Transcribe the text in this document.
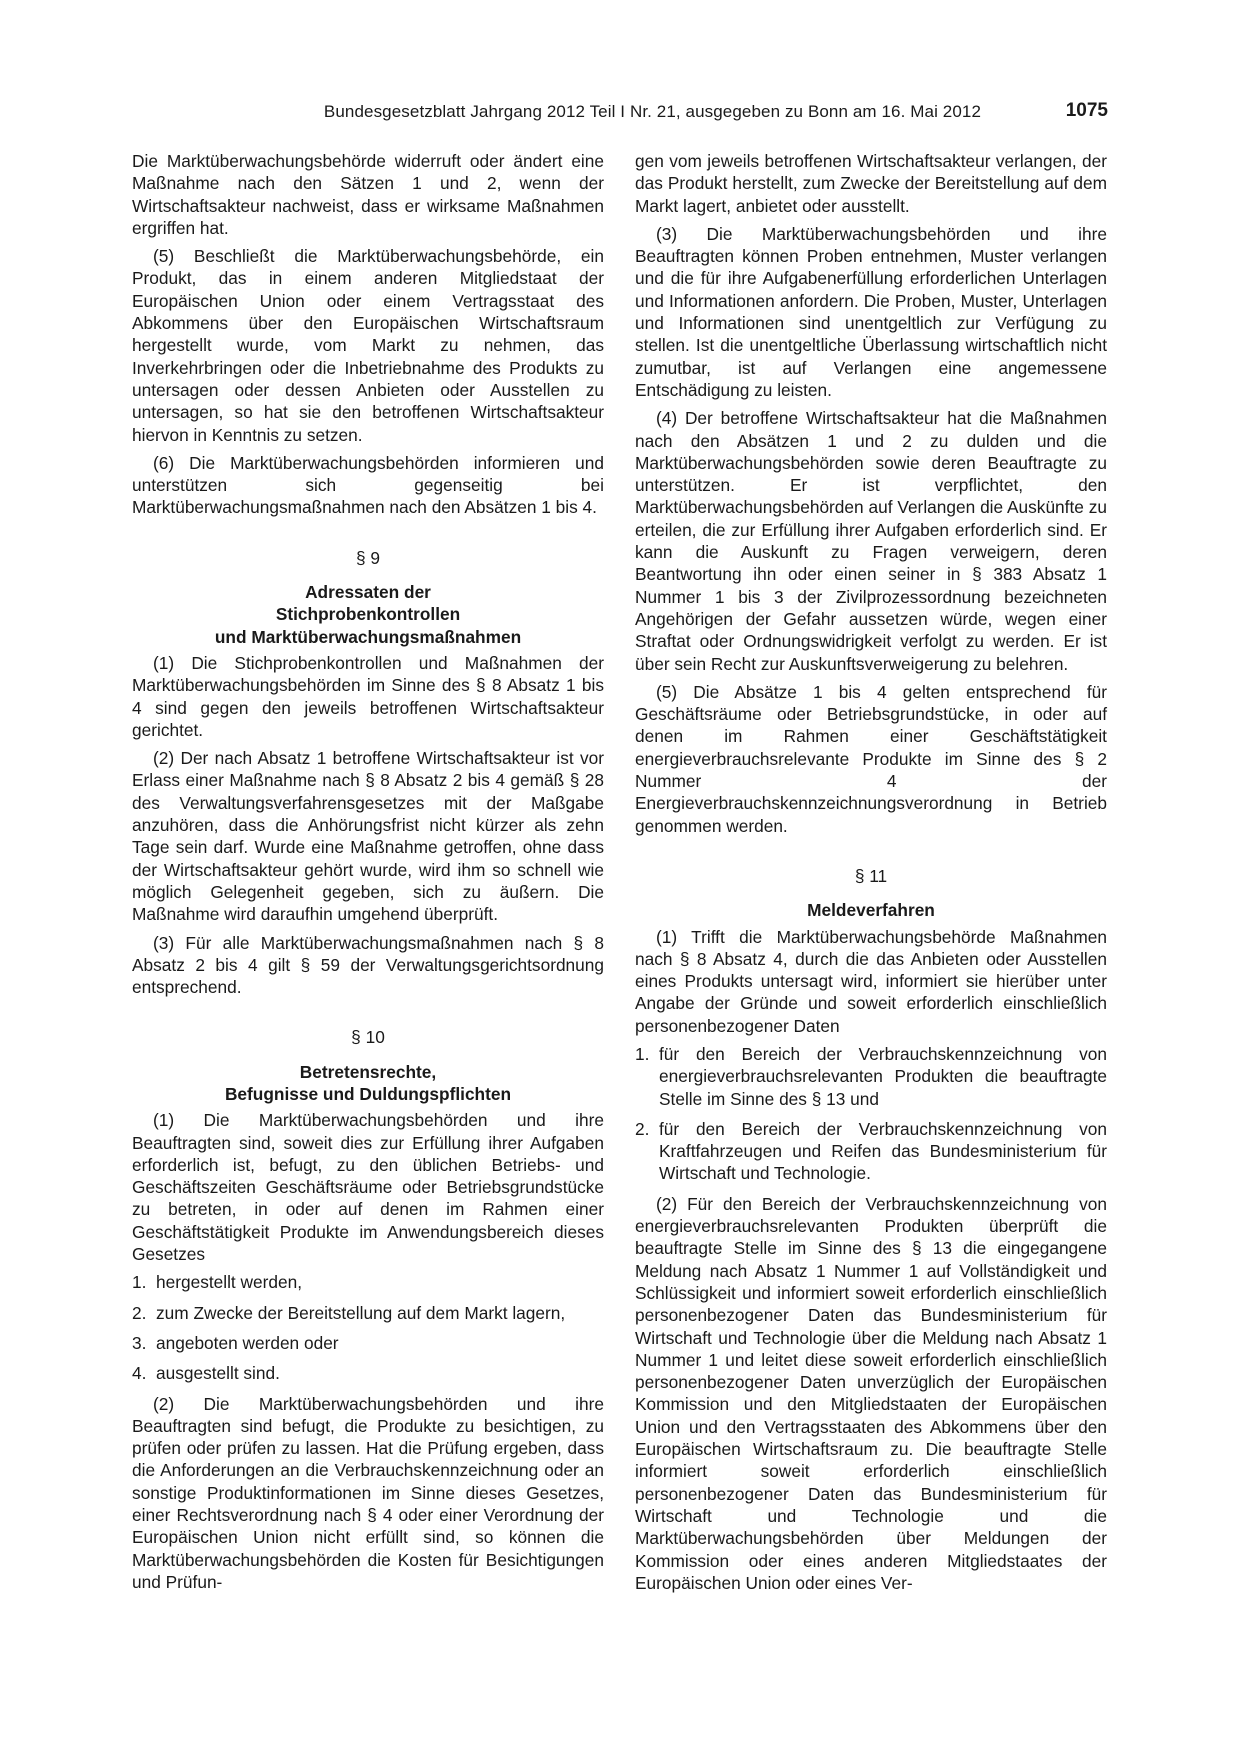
Bundesgesetzblatt Jahrgang 2012 Teil I Nr. 21, ausgegeben zu Bonn am 16. Mai 2012	1075

Die Marktüberwachungsbehörde widerruft oder ändert eine Maßnahme nach den Sätzen 1 und 2, wenn der Wirtschaftsakteur nachweist, dass er wirksame Maßnahmen ergriffen hat.

(5) Beschließt die Marktüberwachungsbehörde, ein Produkt, das in einem anderen Mitgliedstaat der Europäischen Union oder einem Vertragsstaat des Abkommens über den Europäischen Wirtschaftsraum hergestellt wurde, vom Markt zu nehmen, das Inverkehrbringen oder die Inbetriebnahme des Produkts zu untersagen oder dessen Anbieten oder Ausstellen zu untersagen, so hat sie den betroffenen Wirtschaftsakteur hiervon in Kenntnis zu setzen.

(6) Die Marktüberwachungsbehörden informieren und unterstützen sich gegenseitig bei Marktüberwachungsmaßnahmen nach den Absätzen 1 bis 4.

§ 9
Adressaten der
Stichprobenkontrollen
und Marktüberwachungsmaßnahmen

(1) Die Stichprobenkontrollen und Maßnahmen der Marktüberwachungsbehörden im Sinne des § 8 Absatz 1 bis 4 sind gegen den jeweils betroffenen Wirtschaftsakteur gerichtet.

(2) Der nach Absatz 1 betroffene Wirtschaftsakteur ist vor Erlass einer Maßnahme nach § 8 Absatz 2 bis 4 gemäß § 28 des Verwaltungsverfahrensgesetzes mit der Maßgabe anzuhören, dass die Anhörungsfrist nicht kürzer als zehn Tage sein darf. Wurde eine Maßnahme getroffen, ohne dass der Wirtschaftsakteur gehört wurde, wird ihm so schnell wie möglich Gelegenheit gegeben, sich zu äußern. Die Maßnahme wird daraufhin umgehend überprüft.

(3) Für alle Marktüberwachungsmaßnahmen nach § 8 Absatz 2 bis 4 gilt § 59 der Verwaltungsgerichtsordnung entsprechend.

§ 10
Betretensrechte,
Befugnisse und Duldungspflichten

(1) Die Marktüberwachungsbehörden und ihre Beauftragten sind, soweit dies zur Erfüllung ihrer Aufgaben erforderlich ist, befugt, zu den üblichen Betriebs- und Geschäftszeiten Geschäftsräume oder Betriebsgrundstücke zu betreten, in oder auf denen im Rahmen einer Geschäftstätigkeit Produkte im Anwendungsbereich dieses Gesetzes

1. hergestellt werden,
2. zum Zwecke der Bereitstellung auf dem Markt lagern,
3. angeboten werden oder
4. ausgestellt sind.

(2) Die Marktüberwachungsbehörden und ihre Beauftragten sind befugt, die Produkte zu besichtigen, zu prüfen oder prüfen zu lassen. Hat die Prüfung ergeben, dass die Anforderungen an die Verbrauchskennzeichnung oder an sonstige Produktinformationen im Sinne dieses Gesetzes, einer Rechtsverordnung nach § 4 oder einer Verordnung der Europäischen Union nicht erfüllt sind, so können die Marktüberwachungsbehörden die Kosten für Besichtigungen und Prüfun-

gen vom jeweils betroffenen Wirtschaftsakteur verlangen, der das Produkt herstellt, zum Zwecke der Bereitstellung auf dem Markt lagert, anbietet oder ausstellt.

(3) Die Marktüberwachungsbehörden und ihre Beauftragten können Proben entnehmen, Muster verlangen und die für ihre Aufgabenerfüllung erforderlichen Unterlagen und Informationen anfordern. Die Proben, Muster, Unterlagen und Informationen sind unentgeltlich zur Verfügung zu stellen. Ist die unentgeltliche Überlassung wirtschaftlich nicht zumutbar, ist auf Verlangen eine angemessene Entschädigung zu leisten.

(4) Der betroffene Wirtschaftsakteur hat die Maßnahmen nach den Absätzen 1 und 2 zu dulden und die Marktüberwachungsbehörden sowie deren Beauftragte zu unterstützen. Er ist verpflichtet, den Marktüberwachungsbehörden auf Verlangen die Auskünfte zu erteilen, die zur Erfüllung ihrer Aufgaben erforderlich sind. Er kann die Auskunft zu Fragen verweigern, deren Beantwortung ihn oder einen seiner in § 383 Absatz 1 Nummer 1 bis 3 der Zivilprozessordnung bezeichneten Angehörigen der Gefahr aussetzen würde, wegen einer Straftat oder Ordnungswidrigkeit verfolgt zu werden. Er ist über sein Recht zur Auskunftsverweigerung zu belehren.

(5) Die Absätze 1 bis 4 gelten entsprechend für Geschäftsräume oder Betriebsgrundstücke, in oder auf denen im Rahmen einer Geschäftstätigkeit energieverbrauchsrelevante Produkte im Sinne des § 2 Nummer 4 der Energieverbrauchskennzeichnungsverordnung in Betrieb genommen werden.

§ 11
Meldeverfahren

(1) Trifft die Marktüberwachungsbehörde Maßnahmen nach § 8 Absatz 4, durch die das Anbieten oder Ausstellen eines Produkts untersagt wird, informiert sie hierüber unter Angabe der Gründe und soweit erforderlich einschließlich personenbezogener Daten

1. für den Bereich der Verbrauchskennzeichnung von energieverbrauchsrelevanten Produkten die beauftragte Stelle im Sinne des § 13 und
2. für den Bereich der Verbrauchskennzeichnung von Kraftfahrzeugen und Reifen das Bundesministerium für Wirtschaft und Technologie.

(2) Für den Bereich der Verbrauchskennzeichnung von energieverbrauchsrelevanten Produkten überprüft die beauftragte Stelle im Sinne des § 13 die eingegangene Meldung nach Absatz 1 Nummer 1 auf Vollständigkeit und Schlüssigkeit und informiert soweit erforderlich einschließlich personenbezogener Daten das Bundesministerium für Wirtschaft und Technologie über die Meldung nach Absatz 1 Nummer 1 und leitet diese soweit erforderlich einschließlich personenbezogener Daten unverzüglich der Europäischen Kommission und den Mitgliedstaaten der Europäischen Union und den Vertragsstaaten des Abkommens über den Europäischen Wirtschaftsraum zu. Die beauftragte Stelle informiert soweit erforderlich einschließlich personenbezogener Daten das Bundesministerium für Wirtschaft und Technologie und die Marktüberwachungsbehörden über Meldungen der Kommission oder eines anderen Mitgliedstaates der Europäischen Union oder eines Ver-
